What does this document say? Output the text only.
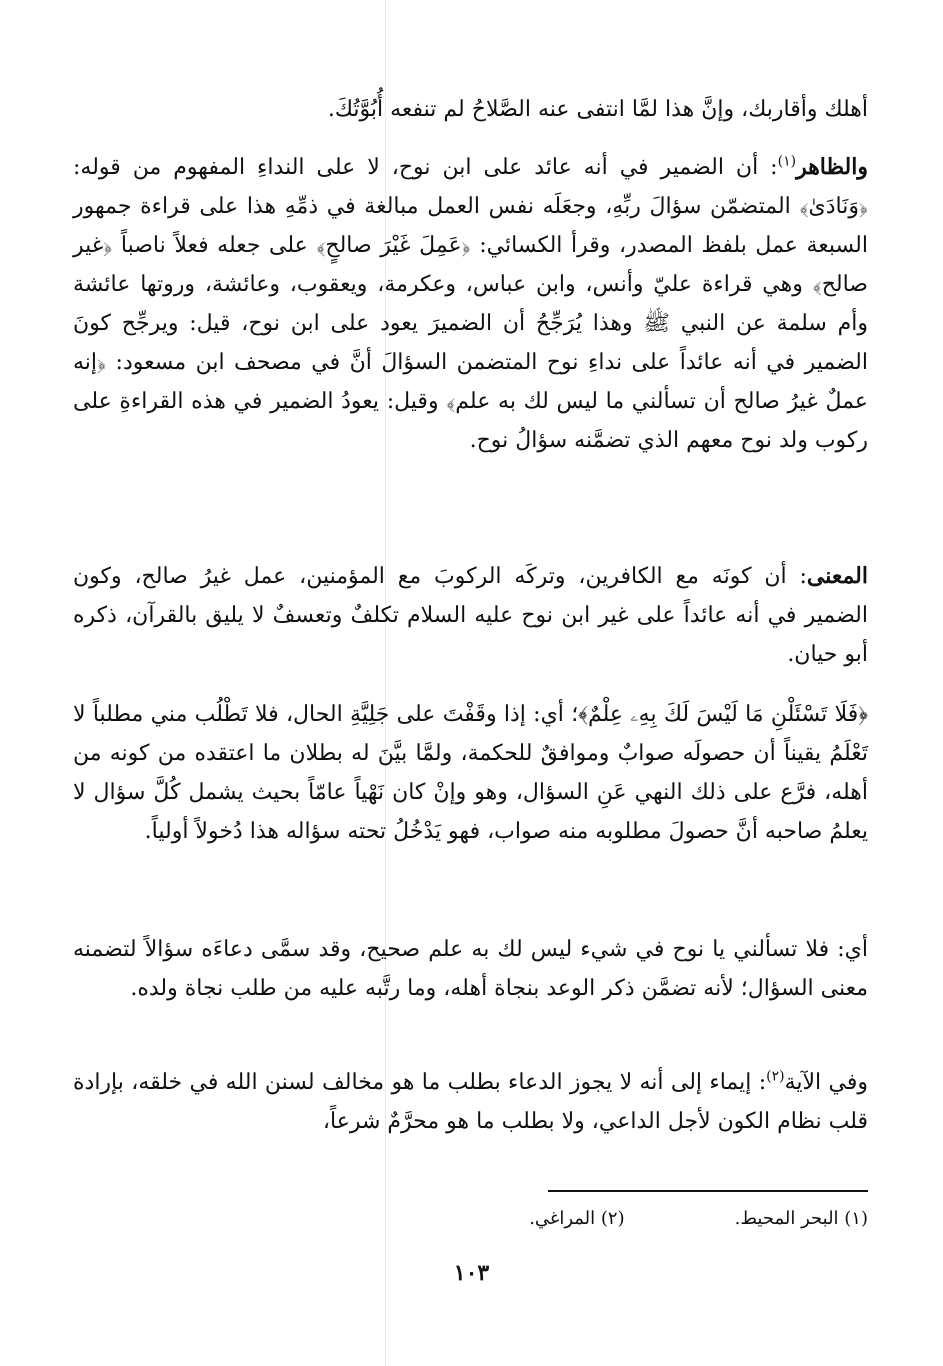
أهلك وأقاربك، وإنَّ هذا لمَّا انتفى عنه الصَّلاحُ لم تنفعه أُبُوَّتُكَ.

والظاهر$^{(١)}$: أن الضمير في أنه عائد على ابن نوح، لا على النداءِ المفهوم من قوله: ﴿وَنَادَىٰ﴾ المتضمّن سؤالَ ربِّهِ، وجعَلَه نفس العمل مبالغة في ذمِّهِ هذا على قراءة جمهور السبعة عمل بلفظ المصدر، وقرأ الكسائي: ﴿عَمِلَ غَيْرَ صالحٍ﴾ على جعله فعلاً ناصباً ﴿غير صالح﴾ وهي قراءة عليّ وأنس، وابن عباس، وعكرمة، ويعقوب، وعائشة، وروتها عائشة وأم سلمة عن النبي ﷺ وهذا يُرَجِّحُ أن الضميرَ يعود على ابن نوح، قيل: ويرجِّح كونَ الضمير في أنه عائداً على نداءِ نوح المتضمن السؤالَ أنَّ في مصحف ابن مسعود: ﴿إنه عملٌ غيرُ صالح أن تسألني ما ليس لك به علم﴾ وقيل: يعودُ الضمير في هذه القراءةِ على ركوب ولد نوح معهم الذي تضمَّنه سؤالُ نوح.

المعنى: أن كونَه مع الكافرين، وتركَه الركوبَ مع المؤمنين، عمل غيرُ صالح، وكون الضمير في أنه عائداً على غير ابن نوح عليه السلام تكلفٌ وتعسفٌ لا يليق بالقرآن، ذكره أبو حيان.

﴿فَلَا تَسْئَلْنِ مَا لَيْسَ لَكَ بِهِۦ عِلْمٌ﴾؛ أي: إذا وقَفْتَ على جَلِيَّةِ الحال، فلا تَطْلُب مني مطلباً لا تَعْلَمُ يقيناً أن حصولَه صوابٌ وموافقٌ للحكمة، ولمَّا بيَّنَ له بطلان ما اعتقده من كونه من أهله، فرَّع على ذلك النهي عَنِ السؤال، وهو وإنْ كان نَهْياً عامّاً بحيث يشمل كُلَّ سؤال لا يعلمُ صاحبه أنَّ حصولَ مطلوبه منه صواب، فهو يَدْخُلُ تحته سؤاله هذا دُخولاً أولياً.

أي: فلا تسألني يا نوح في شيء ليس لك به علم صحيح، وقد سمَّى دعاءَه سؤالاً لتضمنه معنى السؤال؛ لأنه تضمَّن ذكر الوعد بنجاة أهله، وما رتَّبه عليه من طلب نجاة ولده.

وفي الآية$^{(٢)}$: إيماء إلى أنه لا يجوز الدعاء بطلب ما هو مخالف لسنن الله في خلقه، بإرادة قلب نظام الكون لأجل الداعي، ولا بطلب ما هو محرَّمٌ شرعاً،

(١) البحر المحيط.
(٢) المراغي.
١٠٣
